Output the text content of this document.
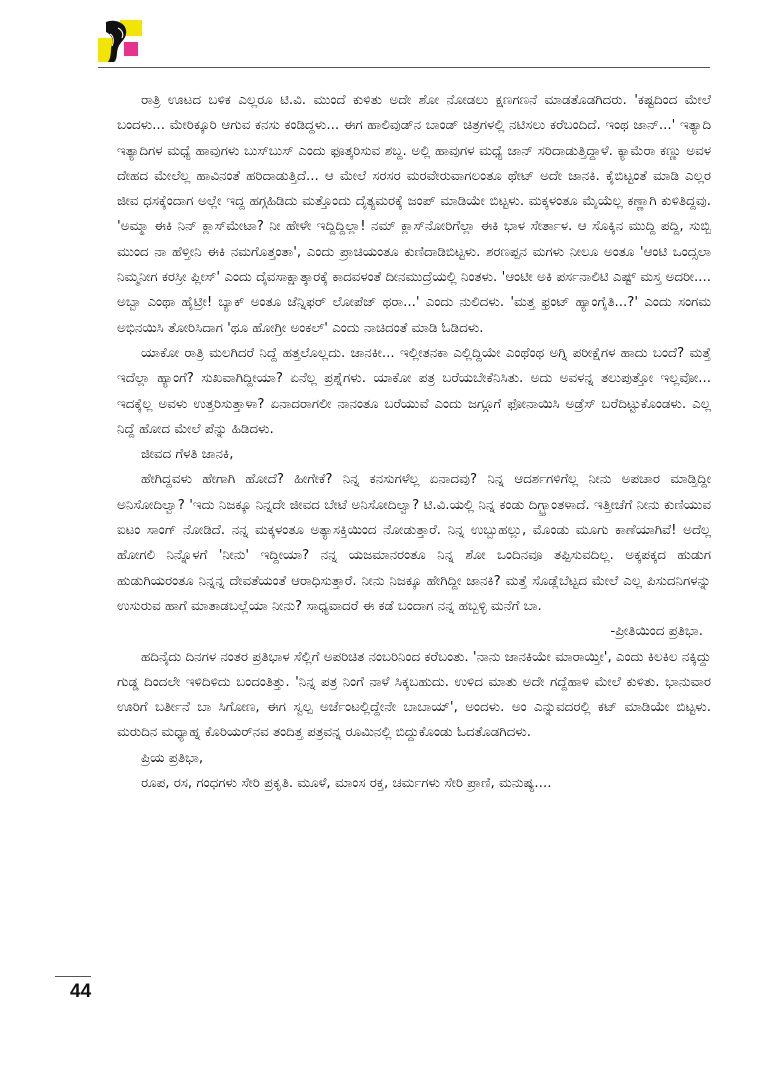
ರಾತ್ರಿ ಊಟದ ಬಳಿಕ ಎಲ್ಲರೂ ಟಿ.ವಿ. ಮುಂದೆ ಕುಳಿತು ಅದೇ ಶೋ ನೋಡಲು ಕ್ಷಣಗಣನೆ ಮಾಡತೊಡಗಿದರು. 'ಕಷ್ಟದಿಂದ ಮೇಲೆ ಬಂದಳು... ಮೇರಿಕ್ಕೂರಿ ಆಗುವ ಕನಸು ಕಂಡಿದ್ದಳು... ಈಗ ಹಾಲಿವುಡ್‌ನ ಬಾಂಡ್ ಚಿತ್ರಗಳಲ್ಲಿ ನಟಿಸಲು ಕರೆಬಂದಿದೆ. ಇಂಥ ಜಾನ್...' ಇತ್ಯಾದಿ ಇತ್ಯಾದಿಗಳ ಮಧ್ಯೆ ಹಾವುಗಳು ಬುಸ್‌ಬುಸ್ ಎಂದು ಫೂತ್ಕರಿಸುವ ಶಬ್ದ. ಅಲ್ಲಿ ಹಾವುಗಳ ಮಧ್ಯೆ ಜಾನ್ ಸರಿದಾಡುತ್ತಿದ್ದಾಳೆ. ಕ್ಯಾಮೆರಾ ಕಣ್ಣು ಅವಳ ದೇಹದ ಮೇಲೆಲ್ಲ ಹಾವಿನಂತೆ ಹರಿದಾಡುತ್ತಿದೆ... ಆ ಮೇಲೆ ಸರಸರ ಮರವೇರುವಾಗಲಂತೂ ಥೇಟ್ ಅದೇ ಜಾನಕಿ. ಕೈಬಿಟ್ಟಂತೆ ಮಾಡಿ ಎಲ್ಲರ ಜೀವ ಧಸಕ್ಕೆಂದಾಗ ಅಲ್ಲೇ ಇದ್ದ ಹಗ್ಗಹಿಡಿದು ಮತ್ತೊಂದು ದೈತ್ಯಮರಕ್ಕೆ ಜಂಪ್ ಮಾಡಿಯೇ ಬಿಟ್ಟಳು. ಮಕ್ಕಳಂತೂ ಮೈಯೆಲ್ಲ ಕಣ್ಣಾಗಿ ಕುಳಿತಿದ್ದವು. 'ಅಮ್ಮಾ ಈಕಿ ನಿನ್ ಕ್ಲಾಸ್‌ಮೇಟಾ? ನೀ ಹೇಳೇ ಇದ್ದಿದ್ದಿಲ್ಲಾ! ನಮ್ ಕ್ಲಾಸ್‌ನೋರಿಗೆಲ್ಲಾ ಈಕಿ ಭಾಳ ಸೇರ್ತಾಳ. ಆ ಸೊಕ್ಕಿನ ಮುದ್ದಿ ಪದ್ದಿ, ಸುಬ್ಬಿ ಮುಂದ ನಾ ಹೆಳ್ತೀನಿ ಈಕಿ ನಮಗೊತ್ತಂತಾ', ಎಂದು ಪ್ರಾಚಿಯಂತೂ ಕುಣಿದಾಡಿಬಿಟ್ಟಳು. ಶರಣಪ್ಪನ ಮಗಳು ನೀಲೂ ಅಂತೂ 'ಆಂಟಿ ಒಂದ್ಸಲಾ ನಿಮ್ಮನೀಗ ಕರಸ್ರೀ ಪ್ಲೀಸ್' ಎಂದು ದೈವಸಾಕ್ಷಾತ್ಕಾರಕ್ಕೆ ಕಾದವಳಂತೆ ದೀನಮುದ್ರೆಯಲ್ಲಿ ನಿಂತಳು. 'ಆಂಟೀ ಅಕಿ ಪರ್ಸನಾಲಿಟಿ ಎಷ್ಟ್ ಮಸ್ತ ಅದರೀ.... ಅಬ್ಬಾ ಎಂಥಾ ಹೈಟ್ರೀ! ಬ್ಯಾಕ್ ಅಂತೂ ಜೆನ್ನಿಫರ್ ಲೋಪೆಜ್ ಥರಾ...' ಎಂದು ನುಲಿದಳು. 'ಮತ್ತ ಫ್ರಂಟ್ ಹ್ಯಾಂಗೈತಿ...?' ಎಂದು ಸಂಗಮ ಅಭಿನಯಿಸಿ ತೋರಿಸಿದಾಗ 'ಥೂ ಹೋಗ್ರೀ ಅಂಕಲ್' ಎಂದು ನಾಚಿದಂತೆ ಮಾಡಿ ಓಡಿದಳು.

ಯಾಕೋ ರಾತ್ರಿ ಮಲಗಿದರೆ ನಿದ್ದೆ ಹತ್ತಲೊಲ್ಲದು. ಜಾನಕೀ... ಇಲ್ಲೀತನಕಾ ಎಲ್ಲಿದ್ದಿಯೇ ಎಂಥೆಂಥ ಅಗ್ನಿ ಪರೀಕ್ಷೆಗಳ ಹಾದು ಬಂದೆ? ಮತ್ತೆ ಇದೆಲ್ಲಾ ಹ್ಯಾಂಗೆ? ಸುಖವಾಗಿದ್ದೀಯಾ? ಏನೆಲ್ಲ ಪ್ರಶ್ನೆಗಳು. ಯಾಕೋ ಪತ್ರ ಬರೆಯಬೇಕೆನಿಸಿತು. ಅದು ಅವಳನ್ನ ತಲುಪುತ್ತೋ ಇಲ್ಲವೋ... ಇದಕ್ಕೆಲ್ಲ ಅವಳು ಉತ್ತರಿಸುತ್ತಾಳಾ? ಏನಾದರಾಗಲೀ ನಾನಂತೂ ಬರೆಯುವೆ ಎಂದು ಜಗ್ಗೂಗೆ ಫೋನಾಯಿಸಿ ಅಡ್ರೆಸ್ ಬರೆದಿಟ್ಟುಕೊಂಡಳು. ಎಲ್ಲ ನಿದ್ದೆ ಹೋದ ಮೇಲೆ ಪೆನ್ನು ಹಿಡಿದಳು.

ಜೀವದ ಗೆಳತಿ ಜಾನಕಿ,

ಹೇಗಿದ್ದವಳು ಹೇಗಾಗಿ ಹೋದೆ? ಹೀಗೇಕೆ? ನಿನ್ನ ಕನಸುಗಳೆಲ್ಲ ಏನಾದವು? ನಿನ್ನ ಆದರ್ಶಗಳಿಗೆಲ್ಲ ನೀನು ಅಪಚಾರ ಮಾಡ್ತಿದ್ದೀ ಅನಿಸೋದಿಲ್ವಾ? 'ಇದು ನಿಜಕ್ಕೂ ನಿನ್ನದೇ ಜೀವದ ಬೇಟೆ ಅನಿಸೋದಿಲ್ವಾ? ಟಿ.ವಿ.ಯಲ್ಲಿ ನಿನ್ನ ಕಂಡು ದಿಗ್ಭ್ರಾಂತಳಾದೆ. ಇತ್ತೀಚೆಗೆ ನೀನು ಕುಣಿಯುವ ಐಟಂ ಸಾಂಗ್ ನೋಡಿದೆ. ನನ್ನ ಮಕ್ಕಳಂತೂ ಅತ್ಯಾಸಕ್ತಿಯಿಂದ ನೋಡುತ್ತಾರೆ. ನಿನ್ನ ಉಬ್ಬುಹಲ್ಲು, ಮೊಂಡು ಮೂಗು ಕಾಣೆಯಾಗಿವೆ! ಅದೆಲ್ಲ ಹೋಗಲಿ ನಿನ್ನೊಳಗೆ 'ನೀನು' ಇದ್ದೀಯಾ? ನನ್ನ ಯಜಮಾನರಂತೂ ನಿನ್ನ ಶೋ ಒಂದಿನವೂ ತಪ್ಪಿಸುವದಿಲ್ಲ. ಅಕ್ಕಪಕ್ಕದ ಹುಡುಗ ಹುಡುಗಿಯರಂತೂ ನಿನ್ನನ್ನ ದೇವತೆಯಂತೆ ಆರಾಧಿಸುತ್ತಾರೆ. ನೀನು ನಿಜಕ್ಕೂ ಹೇಗಿದ್ದೀ ಜಾನಕಿ? ಮತ್ತೆ ಸೊಡ್ಲೆಬೆಟ್ಟದ ಮೇಲೆ ಎಲ್ಲ ಪಿಸುದನಿಗಳನ್ನು ಉಸುರುವ ಹಾಗೆ ಮಾತಾಡಬಲ್ಲೆಯಾ ನೀನು? ಸಾಧ್ಯವಾದರೆ ಈ ಕಡೆ ಬಂದಾಗ ನನ್ನ ಹಬ್ಬಳ್ಳಿ ಮನೆಗೆ ಬಾ.

-ಪ್ರೀತಿಯಿಂದ ಪ್ರತಿಭಾ.

ಹದಿನೈದು ದಿನಗಳ ನಂತರ ಪ್ರತಿಭಾಳ ಸೆಲ್ಲಿಗೆ ಅಪರಿಚಿತ ನಂಬರಿನಿಂದ ಕರೆಬಂತು. 'ನಾನು ಜಾನಕಿಯೇ ಮಾರಾಯ್ತೀ', ಎಂದು ಕಿಲಕಿಲ ನಕ್ಕಿದ್ದು ಗುಡ್ಡ ದಿಂದಲೇ ಇಳಿದಿಳಿದು ಬಂದಂತಿತ್ತು. 'ನಿನ್ನ ಪತ್ರ ನಿಂಗೆ ನಾಳೆ ಸಿಕ್ಕಬಹುದು. ಉಳಿದ ಮಾತು ಅದೇ ಗದ್ದೆಹಾಳಿ ಮೇಲೆ ಕುಳಿತು. ಭಾನುವಾರ ಊರಿಗೆ ಬರ್ತೀನೆ ಬಾ ಸಿಗೋಣ, ಈಗ ಸ್ವಲ್ಪ ಅರ್ಜೆಂಟಲ್ಲಿದ್ದೇನೇ ಬಾಬಾಯ್', ಅಂದಳು. ಅಂ ಎನ್ನುವದರಲ್ಲಿ ಕಟ್ ಮಾಡಿಯೇ ಬಿಟ್ಟಳು. ಮರುದಿನ ಮಧ್ಯಾಹ್ನ ಕೊರಿಯರ್‌ನವ ತಂದಿತ್ತ ಪತ್ರವನ್ನ ರೂಮಿನಲ್ಲಿ ಬಿದ್ದುಕೊಂಡು ಓದತೊಡಗಿದಳು.

ಪ್ರಿಯ ಪ್ರತಿಭಾ,

ರೂಪ, ರಸ, ಗಂಧಗಳು ಸೇರಿ ಪ್ರಕೃತಿ. ಮೂಳೆ, ಮಾಂಸ ರಕ್ತ, ಚರ್ಮಗಳು ಸೇರಿ ಪ್ರಾಣಿ, ಮನುಷ್ಯ....

44
